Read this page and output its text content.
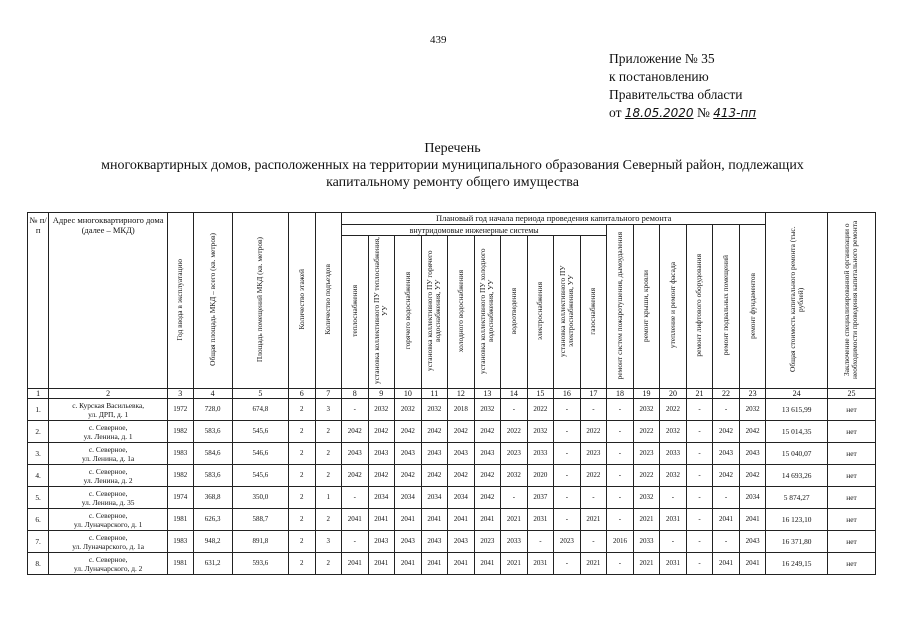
439
Приложение № 35
к постановлению
Правительства области
от 18.05.2020 № 413-пп
Перечень
многоквартирных домов, расположенных на территории муниципального образования Северный район, подлежащих
капитальному ремонту общего имущества
№ п/п	Адрес многоквартирного дома (далее – МКД)	Год ввода в эксплуатацию	Общая площадь МКД – всего (кв. метров)	Площадь помещений МКД (кв. метров)	Количество этажей	Количество подъездов	Плановый год начала периода проведения капитального ремонта																Общая стоимость капитального ремонта (тыс. рублей)	Заключение специализированной организации о необходимости проведения капитального ремонта
							внутридомовые инженерные системы										ремонт систем пожаротушения, дымоудаления	ремонт крыши, кровли	утепление и ремонт фасада	ремонт лифтового оборудования	ремонт подвальных помещений	ремонт фундаментов		
							теплоснабжения	установка коллективного ПУ теплоснабжения, УУ	горячего водоснабжения	установка коллективного ПУ горячего водоснабжения, УУ	холодного водоснабжения	установка коллективного ПУ холодного водоснабжения, УУ	водоотведения	электроснабжения	установка коллективного ПУ электроснабжения, УУ	газоснабжения								
1	2	3	4	5	6	7	8	9	10	11	12	13	14	15	16	17	18	19	20	21	22	23	24	25
1.	с. Курская Васильевка,
ул. ДРП, д. 1	1972	728,0	674,8	2	3	-	2032	2032	2032	2018	2032	-	2022	-	-	-	2032	2022	-	-	2032	13 615,99	нет
2.	с. Северное,
ул. Ленина, д. 1	1982	583,6	545,6	2	2	2042	2042	2042	2042	2042	2042	2022	2032	-	2022	-	2022	2032	-	2042	2042	15 014,35	нет
3.	с. Северное,
ул. Ленина, д. 1а	1983	584,6	546,6	2	2	2043	2043	2043	2043	2043	2043	2023	2033	-	2023	-	2023	2033	-	2043	2043	15 040,07	нет
4.	с. Северное,
ул. Ленина, д. 2	1982	583,6	545,6	2	2	2042	2042	2042	2042	2042	2042	2032	2020	-	2022	-	2022	2032	-	2042	2042	14 693,26	нет
5.	с. Северное,
ул. Ленина, д. 35	1974	368,8	350,0	2	1	-	2034	2034	2034	2034	2042	-	2037	-	-	-	2032	-	-	-	2034	5 874,27	нет
6.	с. Северное,
ул. Луначарского, д. 1	1981	626,3	588,7	2	2	2041	2041	2041	2041	2041	2041	2021	2031	-	2021	-	2021	2031	-	2041	2041	16 123,10	нет
7.	с. Северное,
ул. Луначарского, д. 1а	1983	948,2	891,8	2	3	-	2043	2043	2043	2043	2023	2033	-	2023	-	2016	2033	-	-	-	2043	16 371,80	нет
8.	с. Северное,
ул. Луначарского, д. 2	1981	631,2	593,6	2	2	2041	2041	2041	2041	2041	2041	2021	2031	-	2021	-	2021	2031	-	2041	2041	16 249,15	нет
